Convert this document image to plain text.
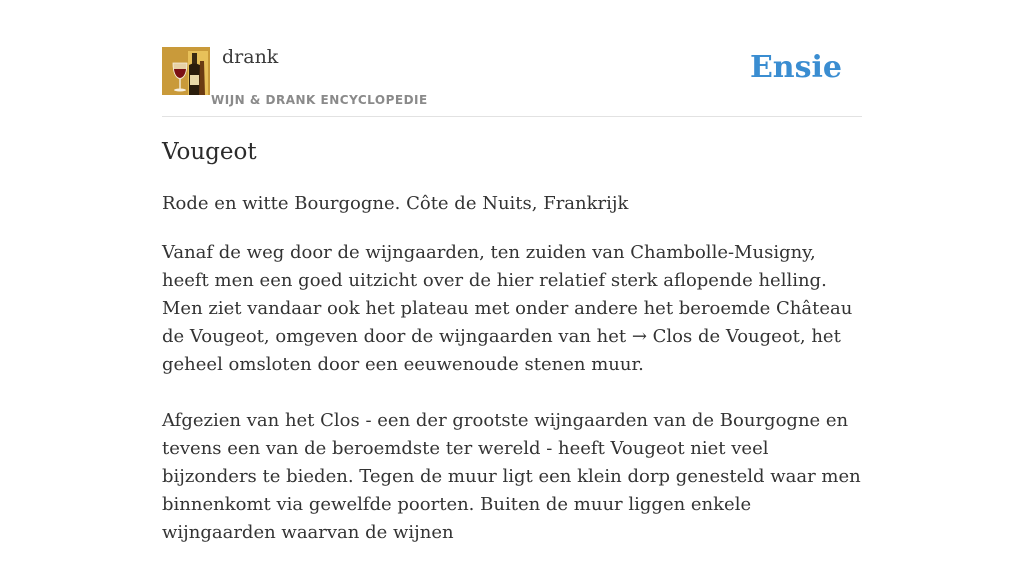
drank
WIJN & DRANK ENCYCLOPEDIE
Ensie
Vougeot

Rode en witte Bourgogne. Côte de Nuits, Frankrijk

Vanaf de weg door de wijngaarden, ten zuiden van Chambolle-Musigny, heeft men een goed uitzicht over de hier relatief sterk aflopende helling. Men ziet vandaar ook het plateau met onder andere het beroemde Château de Vougeot, omgeven door de wijngaarden van het → Clos de Vougeot, het geheel omsloten door een eeuwenoude stenen muur.

Afgezien van het Clos - een der grootste wijngaarden van de Bourgogne en tevens een van de beroemdste ter wereld - heeft Vougeot niet veel bijzonders te bieden. Tegen de muur ligt een klein dorp genesteld waar men binnenkomt via gewelfde poorten. Buiten de muur liggen enkele wijngaarden waarvan de wijnen
